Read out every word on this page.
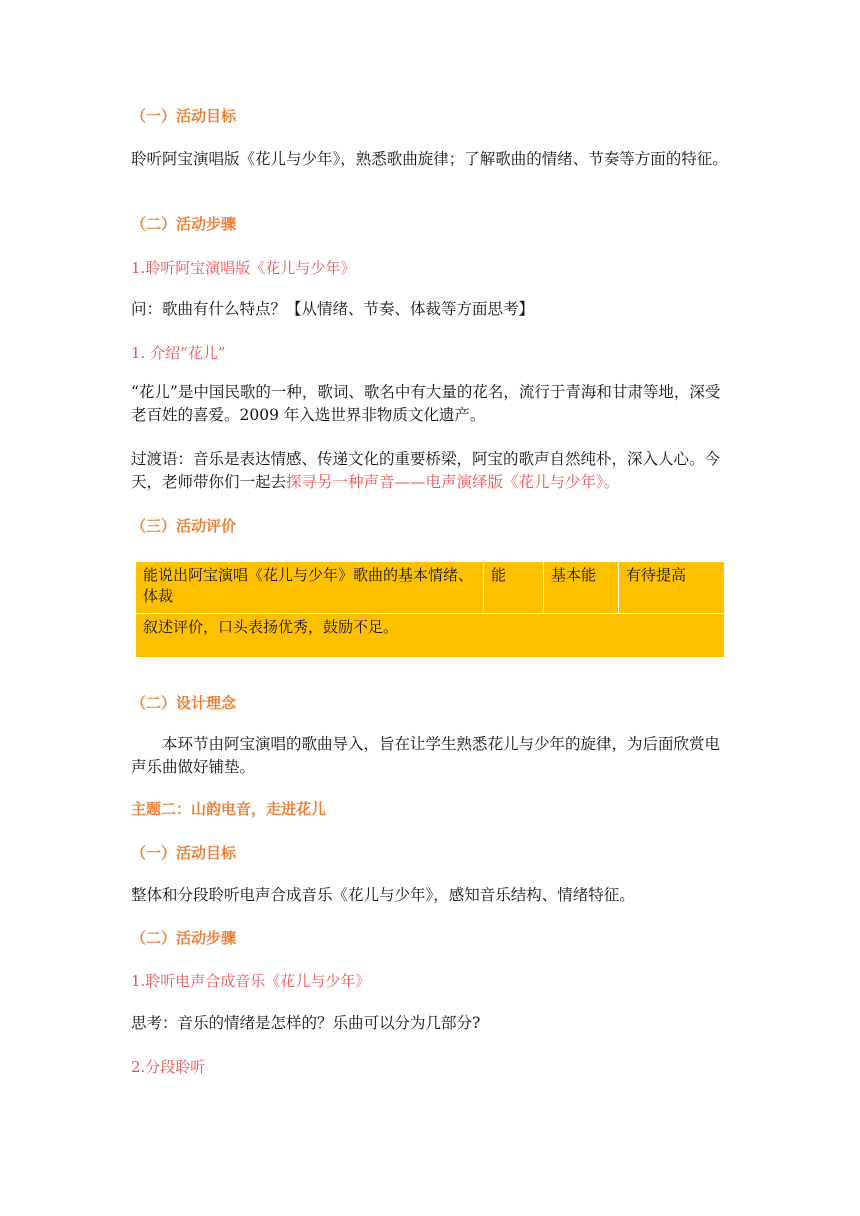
（一）活动目标

聆听阿宝演唱版《花儿与少年》，熟悉歌曲旋律；了解歌曲的情绪、节奏等方面的特征。

（二）活动步骤
1.聆听阿宝演唱版《花儿与少年》

问：歌曲有什么特点？【从情绪、节奏、体裁等方面思考】

1. 介绍“花儿”

“花儿”是中国民歌的一种，歌词、歌名中有大量的花名，流行于青海和甘肃等地，深受老百姓的喜爱。2009 年入选世界非物质文化遗产。

过渡语：音乐是表达情感、传递文化的重要桥梁，阿宝的歌声自然纯朴，深入人心。今天，老师带你们一起去探寻另一种声音——电声演绎版《花儿与少年》。

（三）活动评价
能说出阿宝演唱《花儿与少年》歌曲的基本情绪、体裁	能	基本能	有待提高
叙述评价，口头表扬优秀，鼓励不足。
（二）设计理念

本环节由阿宝演唱的歌曲导入，旨在让学生熟悉花儿与少年的旋律，为后面欣赏电声乐曲做好铺垫。

主题二：山韵电音，走进花儿
（一）活动目标

整体和分段聆听电声合成音乐《花儿与少年》，感知音乐结构、情绪特征。

（二）活动步骤
1.聆听电声合成音乐《花儿与少年》

思考：音乐的情绪是怎样的？乐曲可以分为几部分?

2.分段聆听
